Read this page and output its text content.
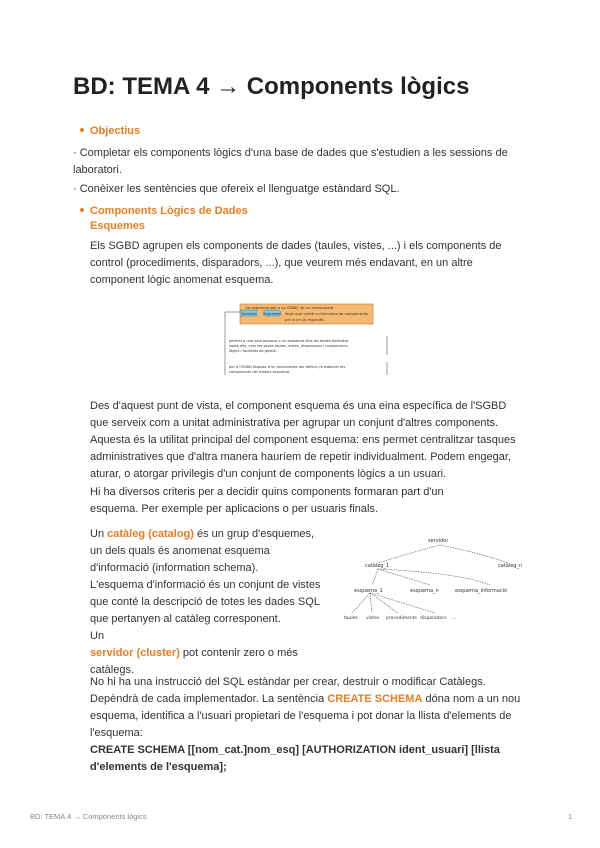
BD: TEMA 4 → Components lògics
Objectius

· Completar els components lògics d'una base de dades que s'estudien a les sessions de laboratori.

· Conèixer les sentències que ofereix el llenguatge estàndard SQL.

Components Lògics de Dades
Esquemes

Els SGBD agrupen els components de dades (taules, vistes, ...) i els components de control (procediments, disparadors, ...), que veurem més endavant, en un altre component lògic anomenat esquema.

Schéma Esquema
Un esquema per a un SGBD, és un component
lògic que conté col·leccions de components
per a un ús específic.
permet a una sola persona o un esquema dins les dades definides
sobre ells, com les seves taules, vistes, disparadors i components
lògics i facilitats de gestió.
per a l'SGBD disposa d'un mecanisme per definir i/o esborrar els
components del mateix esquema.

Des d'aquest punt de vista, el component esquema és una eina específica de l'SGBD que serveix com a unitat administrativa per agrupar un conjunt d'altres components.

Aquesta és la utilitat principal del component esquema: ens permet centralitzar tasques administratives que d'altra manera hauríem de repetir individualment. Podem engegar, aturar, o atorgar privilegis d'un conjunt de components lògics a un usuari.

Hi ha diversos criteris per a decidir quins components formaran part d'un esquema. Per exemple per aplicacions o per usuaris finals.

Un catàleg (catalog) és un grup d'esquemes,
un dels quals és anomenat esquema
d'informació (information schema).
L'esquema d'informació és un conjunt de vistes
que conté la descripció de totes les dades SQL
que pertanyen al catàleg corresponent.
Un
servidor (cluster) pot contenir zero o més
catàlegs.
servidor
catàleg_1	catàleg_n
esquema_1	esquema_n	esquema_informació
taules vistes procediments disparadors ...
No hi ha una instrucció del SQL estàndar per crear, destruir o modificar Catàlegs.
Depèndrà de cada implementador. La sentència CREATE SCHEMA dóna nom a un nou
esquema, identifica a l'usuari propietari de l'esquema i pot donar la llista d'elements de
l'esquema:
CREATE SCHEMA [[nom_cat.]nom_esq] [AUTHORIZATION ident_usuari] [llista
d'elements de l'esquema];
BD: TEMA 4 → Components lògics	1
